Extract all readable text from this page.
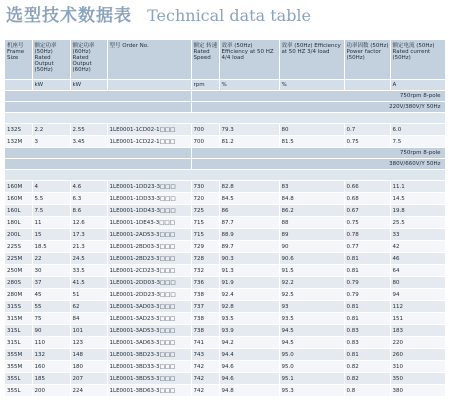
选型技术数据表 Technical data table
机座号 Frame Size	额定功率 (50Hz) Rated Output (50Hz)	额定功率 (60Hz) Rated Output (60Hz)	型号 Order No.	额定 转速 Rated Speed	效率 (50Hz) Efficiency at 50 HZ 4/4 load	效率 (50Hz) Efficiency at 50 HZ 3/4 load	功率因数 (50Hz) Power factor (50Hz)	额定电流 (50Hz) Rated current (50Hz)
	kW	kW		rpm	%	%		A
				750rpm 8-pole				
				220V/380V/Y 50Hz				

132S	2.2	2.55	1LE0001-1CD02-1□□□	700	79.3	80	0.7	6.0
132M	3	3.45	1LE0001-1CD22-1□□□	700	81.2	81.5	0.75	7.5
				750rpm 8-pole				
				380V/660V/Y 50Hz				

160M	4	4.6	1LE0001-1DD23-3□□□	730	82.8	83	0.66	11.1
160M	5.5	6.3	1LE0001-1DD33-3□□□	720	84.5	84.8	0.68	14.5
160L	7.5	8.6	1LE0001-1DD43-3□□□	725	86	86.2	0.67	19.8
180L	11	12.6	1LE0001-1DE43-3□□□	715	87.7	88	0.75	25.5
200L	15	17.3	1LE0001-2AD53-3□□□	715	88.9	89	0.78	33
225S	18.5	21.3	1LE0001-2BD03-3□□□	729	89.7	90	0.77	42
225M	22	24.5	1LE0001-2BD23-3□□□	728	90.3	90.6	0.81	46
250M	30	33.5	1LE0001-2CD23-3□□□	732	91.3	91.5	0.81	64
280S	37	41.5	1LE0001-2DD03-3□□□	736	91.9	92.2	0.79	80
280M	45	51	1LE0001-2DD23-3□□□	738	92.4	92.5	0.79	94
315S	55	62	1LE0001-3AD03-3□□□	737	92.8	93	0.81	112
315M	75	84	1LE0001-3AD23-3□□□	738	93.5	93.5	0.81	151
315L	90	101	1LE0001-3AD53-3□□□	738	93.9	94.5	0.83	183
315L	110	123	1LE0001-3AD63-3□□□	741	94.2	94.5	0.83	220
355M	132	148	1LE0001-3BD23-3□□□	743	94.4	95.0	0.81	260
355M	160	180	1LE0001-3BD33-3□□□	742	94.6	95.0	0.82	310
355L	185	207	1LE0001-3BD53-3□□□	742	94.6	95.1	0.82	350
355L	200	224	1LE0001-3BD63-3□□□	742	94.8	95.3	0.8	380
